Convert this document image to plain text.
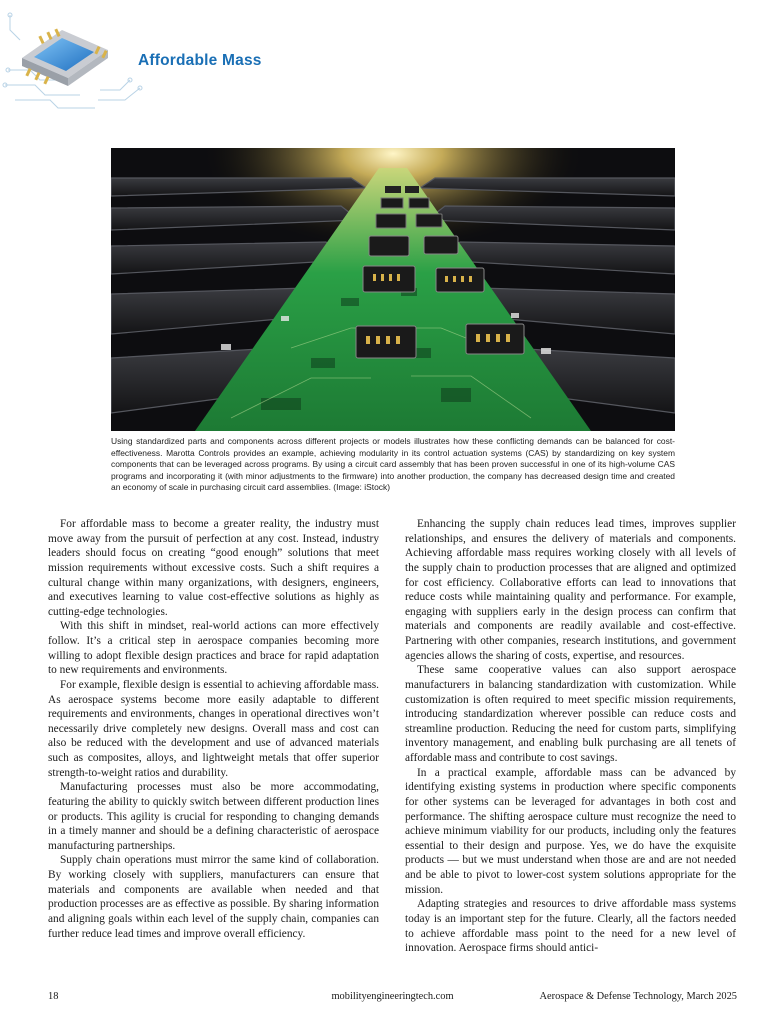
Affordable Mass
Using standardized parts and components across different projects or models illustrates how these conflicting demands can be balanced for cost-effectiveness. Marotta Controls provides an example, achieving modularity in its control actuation systems (CAS) by standardizing on key system components that can be leveraged across programs. By using a circuit card assembly that has been proven successful in one of its high-volume CAS programs and incorporating it (with minor adjustments to the firmware) into another production, the company has decreased design time and created an economy of scale in purchasing circuit card assemblies. (Image: iStock)

For affordable mass to become a greater reality, the industry must move away from the pursuit of perfection at any cost. Instead, industry leaders should focus on creating “good enough” solutions that meet mission requirements without excessive costs. Such a shift requires a cultural change within many organizations, with designers, engineers, and executives learning to value cost-effective solutions as highly as cutting-edge technologies.

With this shift in mindset, real-world actions can more effectively follow. It’s a critical step in aerospace companies becoming more willing to adopt flexible design practices and brace for rapid adaptation to new requirements and environments.

For example, flexible design is essential to achieving affordable mass. As aerospace systems become more easily adaptable to different requirements and environments, changes in operational directives won’t necessarily drive completely new designs. Overall mass and cost can also be reduced with the development and use of advanced materials such as composites, alloys, and lightweight metals that offer superior strength-to-weight ratios and durability.

Manufacturing processes must also be more accommodating, featuring the ability to quickly switch between different production lines or products. This agility is crucial for responding to changing demands in a timely manner and should be a defining characteristic of aerospace manufacturing partnerships.

Supply chain operations must mirror the same kind of collaboration. By working closely with suppliers, manufacturers can ensure that materials and components are available when needed and that production processes are as effective as possible. By sharing information and aligning goals within each level of the supply chain, companies can further reduce lead times and improve overall efficiency.

Enhancing the supply chain reduces lead times, improves supplier relationships, and ensures the delivery of materials and components. Achieving affordable mass requires working closely with all levels of the supply chain to production processes that are aligned and optimized for cost efficiency. Collaborative efforts can lead to innovations that reduce costs while maintaining quality and performance. For example, engaging with suppliers early in the design process can confirm that materials and components are readily available and cost-effective. Partnering with other companies, research institutions, and government agencies allows the sharing of costs, expertise, and resources.

These same cooperative values can also support aerospace manufacturers in balancing standardization with customization. While customization is often required to meet specific mission requirements, introducing standardization wherever possible can reduce costs and streamline production. Reducing the need for custom parts, simplifying inventory management, and enabling bulk purchasing are all tenets of affordable mass and contribute to cost savings.

In a practical example, affordable mass can be advanced by identifying existing systems in production where specific components for other systems can be leveraged for advantages in both cost and performance. The shifting aerospace culture must recognize the need to achieve minimum viability for our products, including only the features essential to their design and purpose. Yes, we do have the exquisite products — but we must understand when those are and are not needed and be able to pivot to lower-cost system solutions appropriate for the mission.

Adapting strategies and resources to drive affordable mass systems today is an important step for the future. Clearly, all the factors needed to achieve affordable mass point to the need for a new level of innovation. Aerospace firms should antici-

18	mobilityengineeringtech.com	Aerospace & Defense Technology, March 2025
